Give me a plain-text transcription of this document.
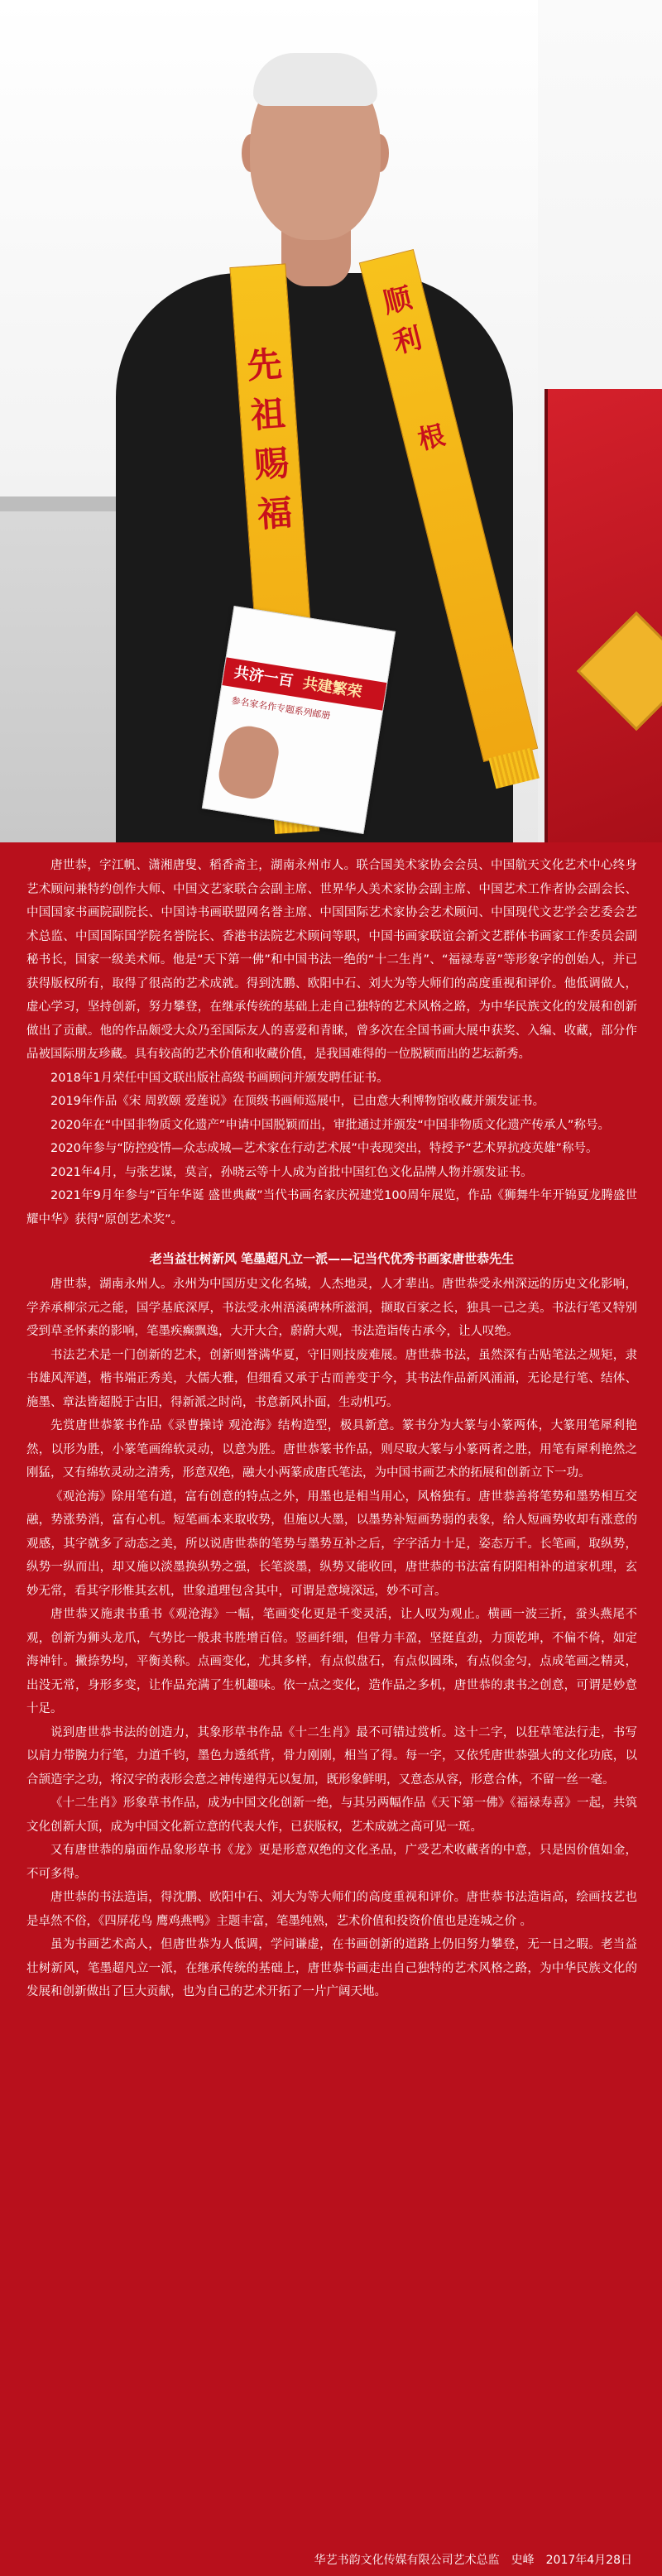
先祖赐福
顺利
根
共济一百 共建繁荣
参名家名作专题系列邮册

唐世恭，字江帆、潇湘唐叟、稻香斋主，湖南永州市人。联合国美术家协会会员、中国航天文化艺术中心终身艺术顾问兼特约创作大师、中国文艺家联合会副主席、世界华人美术家协会副主席、中国艺术工作者协会副会长、中国国家书画院副院长、中国诗书画联盟网名誉主席、中国国际艺术家协会艺术顾问、中国现代文艺学会艺委会艺术总监、中国国际国学院名誉院长、香港书法院艺术顾问等职，中国书画家联谊会新文艺群体书画家工作委员会副秘书长，国家一级美术师。他是“天下第一佛”和中国书法一绝的“十二生肖”、“福禄寿喜”等形象字的创始人，并已获得版权所有，取得了很高的艺术成就。得到沈鹏、欧阳中石、刘大为等大师们的高度重视和评价。他低调做人，虚心学习，坚持创新，努力攀登，在继承传统的基础上走自己独特的艺术风格之路，为中华民族文化的发展和创新做出了贡献。他的作品颇受大众乃至国际友人的喜爱和青睐，曾多次在全国书画大展中获奖、入编、收藏，部分作品被国际朋友珍藏。具有较高的艺术价值和收藏价值，是我国难得的一位脱颖而出的艺坛新秀。

2018年1月荣任中国文联出版社高级书画顾问并颁发聘任证书。

2019年作品《宋 周敦颐 爱莲说》在顶级书画师巡展中，已由意大利博物馆收藏并颁发证书。

2020年在“中国非物质文化遗产”申请中国脱颖而出，审批通过并颁发“中国非物质文化遗产传承人”称号。

2020年参与“防控疫情—众志成城—艺术家在行动艺术展”中表现突出，特授予“艺术界抗疫英雄”称号。

2021年4月，与张艺谋，莫言，孙晓云等十人成为首批中国红色文化品牌人物并颁发证书。

2021年9月年参与“百年华诞 盛世典藏”当代书画名家庆祝建党100周年展览，作品《狮舞牛年开锦夏龙腾盛世耀中华》获得“原创艺术奖”。

老当益壮树新风 笔墨超凡立一派——记当代优秀书画家唐世恭先生

唐世恭，湖南永州人。永州为中国历史文化名城，人杰地灵，人才辈出。唐世恭受永州深远的历史文化影响，学养承柳宗元之能，国学基底深厚，书法受永州浯溪碑林所滋润，撷取百家之长，独具一己之美。书法行笔又特别受到草圣怀素的影响，笔墨疾癫飘逸，大开大合，蔚蔚大观，书法造诣传古承今，让人叹绝。

书法艺术是一门创新的艺术，创新则誉满华夏，守旧则技废难展。唐世恭书法，虽然深有古贴笔法之规矩，隶书雄风浑遒，楷书端正秀美，大儒大雅，但细看又承于古而善变于今，其书法作品新风涌涌，无论是行笔、结体、施墨、章法皆超脱于古旧，得新派之时尚，书意新风扑面，生动机巧。

先赏唐世恭篆书作品《录曹操诗 观沧海》结构造型，极具新意。篆书分为大篆与小篆两体，大篆用笔犀利艳然，以形为胜，小篆笔画绵软灵动，以意为胜。唐世恭篆书作品，则尽取大篆与小篆两者之胜，用笔有犀利艳然之刚猛，又有绵软灵动之清秀，形意双绝，融大小两篆成唐氏笔法，为中国书画艺术的拓展和创新立下一功。

《观沧海》除用笔有道，富有创意的特点之外，用墨也是相当用心，风格独有。唐世恭善将笔势和墨势相互交融，势涨势消，富有心机。短笔画本来取收势，但施以大墨，以墨势补短画势弱的表象，给人短画势收却有涨意的观感，其字就多了动态之美，所以说唐世恭的笔势与墨势互补之后，字字活力十足，姿态万千。长笔画，取纵势，纵势一纵而出，却又施以淡墨换纵势之强，长笔淡墨，纵势又能收回，唐世恭的书法富有阴阳相补的道家机理，玄妙无常，看其字形惟其玄机，世象道理包含其中，可谓是意境深远，妙不可言。

唐世恭又施隶书重书《观沧海》一幅，笔画变化更是千变灵活，让人叹为观止。横画一波三折，蚕头燕尾不观，创新为狮头龙爪，气势比一般隶书胜增百倍。竖画纤细，但骨力丰盈，坚挺直劲，力顶乾坤，不偏不倚，如定海神针。撇捺势均，平衡美称。点画变化，尤其多样，有点似盘石，有点似圆珠，有点似金匀，点成笔画之精灵，出没无常，身形多变，让作品充满了生机趣味。依一点之变化，造作品之多机，唐世恭的隶书之创意，可谓是妙意十足。

说到唐世恭书法的创造力，其象形草书作品《十二生肖》最不可错过赏析。这十二字，以狂草笔法行走，书写以肩力带腕力行笔，力道千钧，墨色力透纸背，骨力刚刚，相当了得。每一字，又依凭唐世恭强大的文化功底，以合颉造字之功，将汉字的表形会意之神传递得无以复加，既形象鲜明，又意态从容，形意合体，不留一丝一毫。

《十二生肖》形象草书作品，成为中国文化创新一绝，与其另两幅作品《天下第一佛》《福禄寿喜》一起，共筑文化创新大顶，成为中国文化新立意的代表大作，已获版权，艺术成就之高可见一斑。

又有唐世恭的扇面作品象形草书《龙》更是形意双绝的文化圣品，广受艺术收藏者的中意，只是因价值如金，不可多得。

唐世恭的书法造诣，得沈鹏、欧阳中石、刘大为等大师们的高度重视和评价。唐世恭书法造诣高，绘画技艺也是卓然不俗，《四屏花鸟 鹰鸡燕鸭》主题丰富，笔墨纯熟，艺术价值和投资价值也是连城之价 。

虽为书画艺术高人，但唐世恭为人低调，学问谦虚，在书画创新的道路上仍旧努力攀登，无一日之暇。老当益壮树新风，笔墨超凡立一派，在继承传统的基础上，唐世恭书画走出自己独特的艺术风格之路，为中华民族文化的发展和创新做出了巨大贡献，也为自己的艺术开拓了一片广阔天地。

华艺书韵文化传媒有限公司艺术总监　史峰　2017年4月28日
